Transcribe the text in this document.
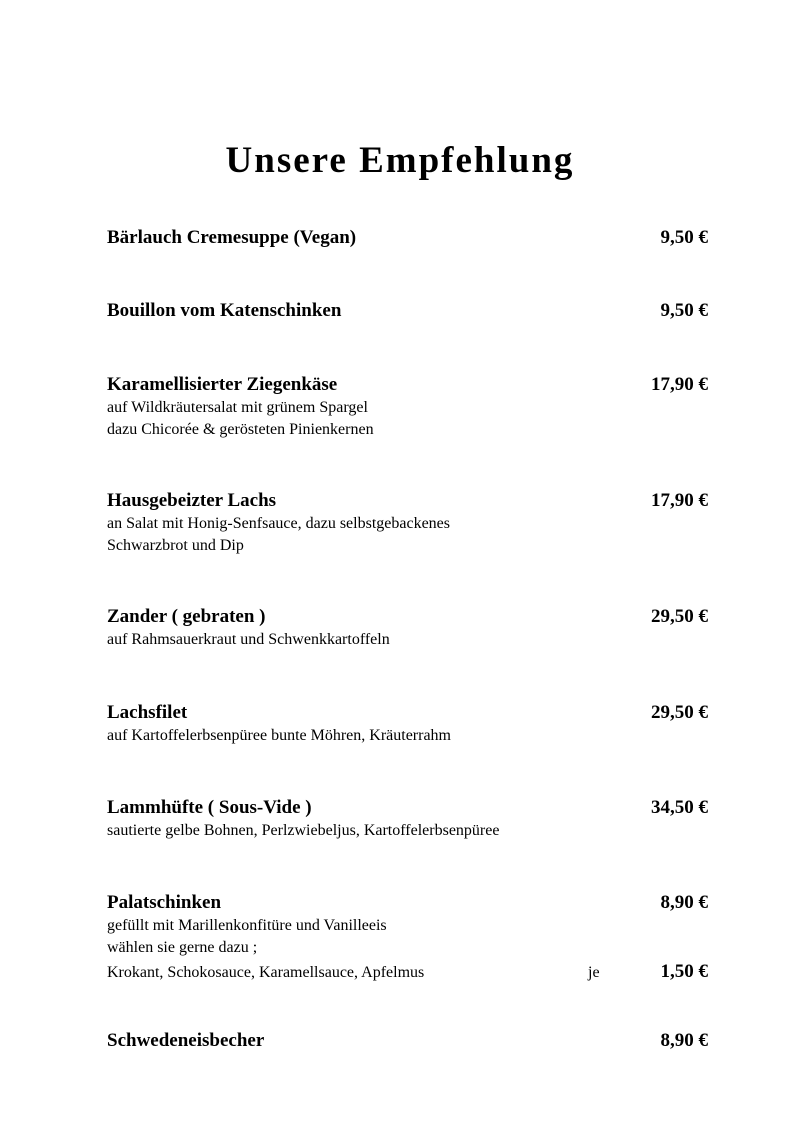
Unsere Empfehlung
Bärlauch Cremesuppe (Vegan)	9,50 €
Bouillon vom Katenschinken	9,50 €
Karamellisierter Ziegenkäse	17,90 €
auf Wildkräutersalat mit grünem Spargel
dazu Chicorée & gerösteten Pinienkernen
Hausgebeizter Lachs	17,90 €
an Salat mit Honig-Senfsauce, dazu selbstgebackenes
Schwarzbrot und Dip
Zander ( gebraten )	29,50 €
auf Rahmsauerkraut und Schwenkkartoffeln
Lachsfilet	29,50 €
auf Kartoffelerbsenpüree bunte Möhren, Kräuterrahm
Lammhüfte ( Sous-Vide )	34,50 €
sautierte gelbe Bohnen, Perlzwiebeljus, Kartoffelerbsenpüree
Palatschinken	8,90 €
gefüllt mit Marillenkonfitüre und Vanilleeis
wählen sie gerne dazu ;
Krokant, Schokosauce, Karamellsauce, Apfelmus	je	1,50 €
Schwedeneisbecher	8,90 €
